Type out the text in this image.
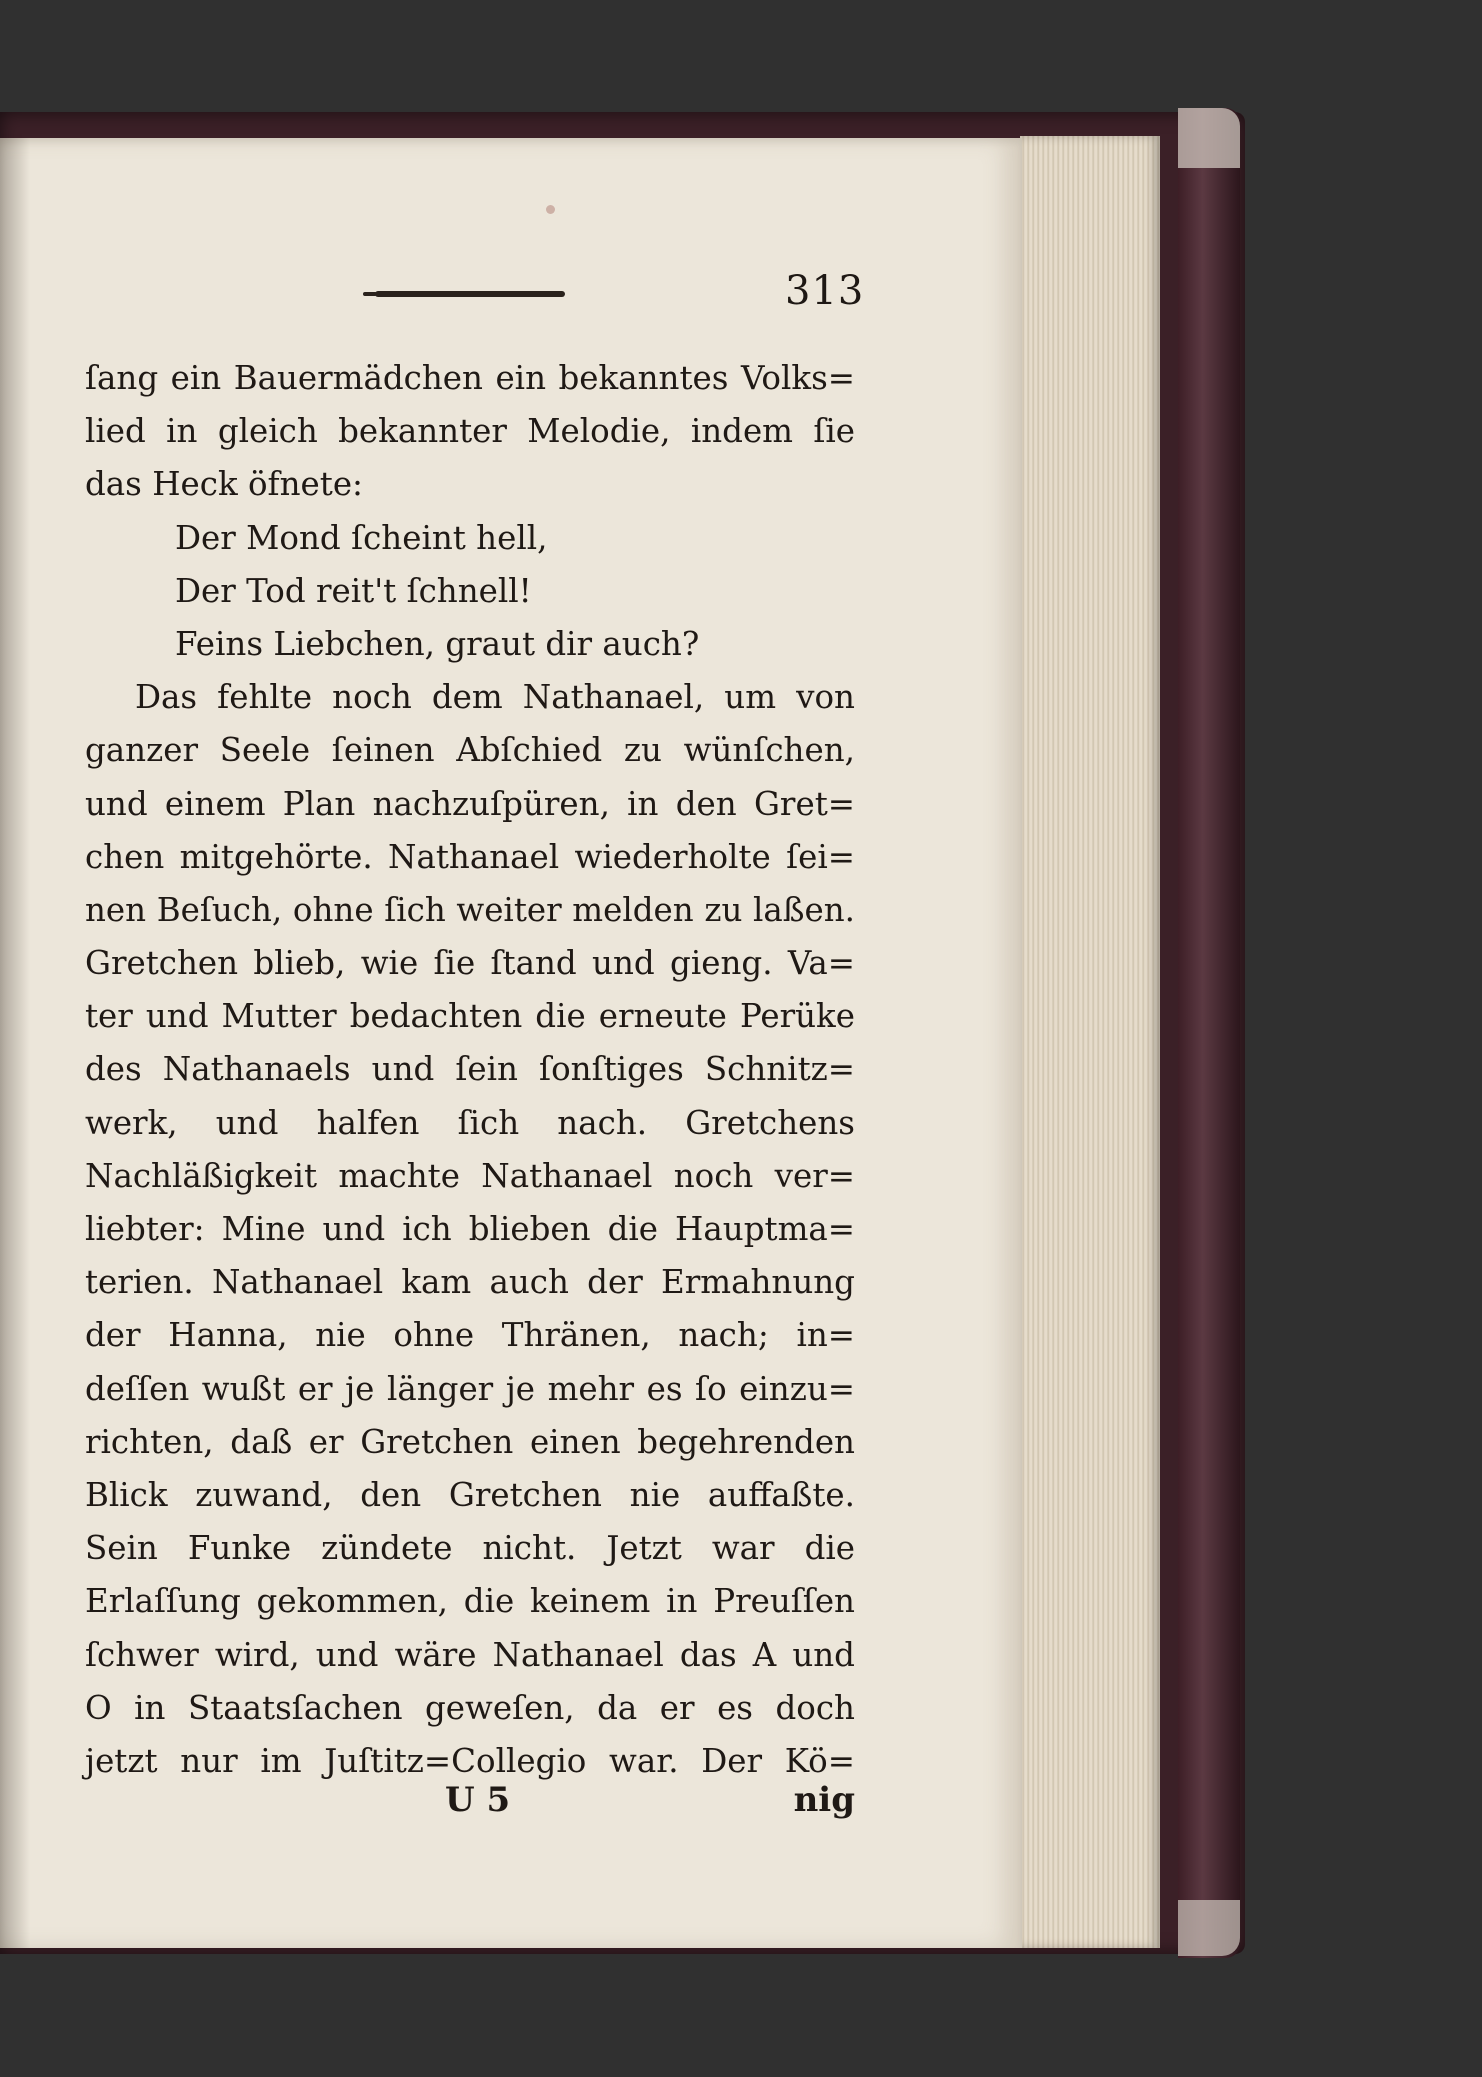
313
ſang ein Bauermädchen ein bekanntes Volks=
lied in gleich bekannter Melodie, indem ſie
das Heck öfnete:
Der Mond ſcheint hell,
Der Tod reit't ſchnell!
Feins Liebchen, graut dir auch?
Das fehlte noch dem Nathanael, um von
ganzer Seele ſeinen Abſchied zu wünſchen,
und einem Plan nachzuſpüren, in den Gret=
chen mitgehörte. Nathanael wiederholte ſei=
nen Beſuch, ohne ſich weiter melden zu laßen.
Gretchen blieb, wie ſie ſtand und gieng. Va=
ter und Mutter bedachten die erneute Perüke
des Nathanaels und ſein ſonſtiges Schnitz=
werk, und halfen ſich nach. Gretchens
Nachläßigkeit machte Nathanael noch ver=
liebter: Mine und ich blieben die Hauptma=
terien. Nathanael kam auch der Ermahnung
der Hanna, nie ohne Thränen, nach; in=
deſſen wußt er je länger je mehr es ſo einzu=
richten, daß er Gretchen einen begehrenden
Blick zuwand, den Gretchen nie auffaßte.
Sein Funke zündete nicht. Jetzt war die
Erlaſſung gekommen, die keinem in Preuſſen
ſchwer wird, und wäre Nathanael das A und
O in Staatsſachen geweſen, da er es doch
jetzt nur im Juſtitz=Collegio war. Der Kö=
U 5	nig
